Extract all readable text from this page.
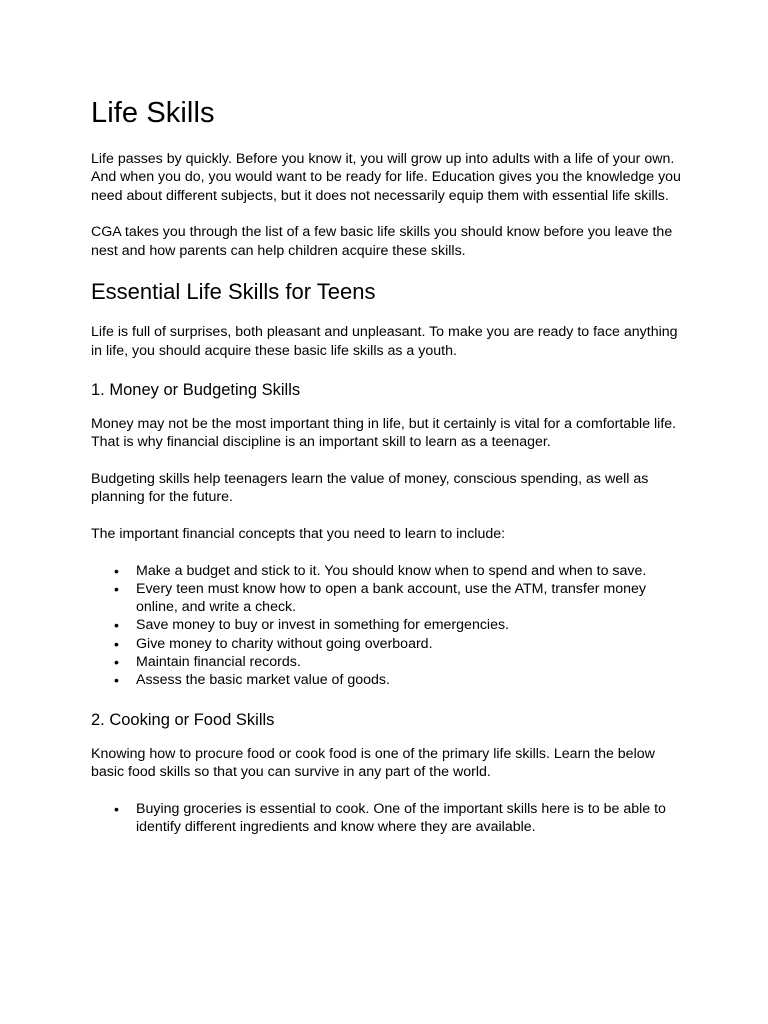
Life Skills

Life passes by quickly. Before you know it, you will grow up into adults with a life of your own. And when you do, you would want to be ready for life. Education gives you the knowledge you need about different subjects, but it does not necessarily equip them with essential life skills.

CGA takes you through the list of a few basic life skills you should know before you leave the nest and how parents can help children acquire these skills.

Essential Life Skills for Teens

Life is full of surprises, both pleasant and unpleasant. To make you are ready to face anything in life, you should acquire these basic life skills as a youth.

1. Money or Budgeting Skills

Money may not be the most important thing in life, but it certainly is vital for a comfortable life. That is why financial discipline is an important skill to learn as a teenager.

Budgeting skills help teenagers learn the value of money, conscious spending, as well as planning for the future.

The important financial concepts that you need to learn to include:

• Make a budget and stick to it. You should know when to spend and when to save.
• Every teen must know how to open a bank account, use the ATM, transfer money online, and write a check.
• Save money to buy or invest in something for emergencies.
• Give money to charity without going overboard.
• Maintain financial records.
• Assess the basic market value of goods.
2. Cooking or Food Skills

Knowing how to procure food or cook food is one of the primary life skills. Learn the below basic food skills so that you can survive in any part of the world.

• Buying groceries is essential to cook. One of the important skills here is to be able to identify different ingredients and know where they are available.
